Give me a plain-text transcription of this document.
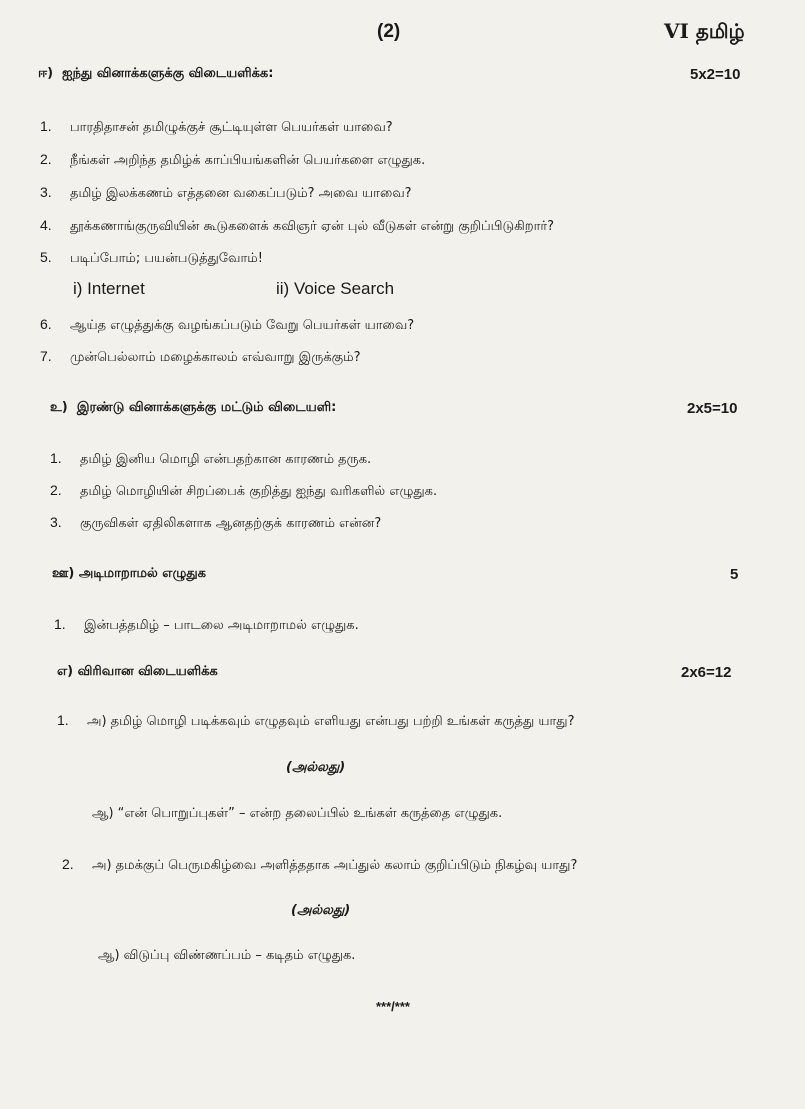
(2)	VI தமிழ்
ஈ) ஐந்து வினாக்களுக்கு விடையளிக்க:	5x2=10
1. பாரதிதாசன் தமிழுக்குச் சூட்டியுள்ள பெயர்கள் யாவை?
2. நீங்கள் அறிந்த தமிழ்க் காப்பியங்களின் பெயர்களை எழுதுக.
3. தமிழ் இலக்கணம் எத்தனை வகைப்படும்? அவை யாவை?
4. தூக்கணாங்குருவியின் கூடுகளைக் கவிஞர் ஏன் புல் வீடுகள் என்று குறிப்பிடுகிறார்?
5. படிப்போம்; பயன்படுத்துவோம்!
i) Internet	ii) Voice Search
6. ஆய்த எழுத்துக்கு வழங்கப்படும் வேறு பெயர்கள் யாவை?
7. முன்பெல்லாம் மழைக்காலம் எவ்வாறு இருக்கும்?
உ) இரண்டு வினாக்களுக்கு மட்டும் விடையளி:	2x5=10
1. தமிழ் இனிய மொழி என்பதற்கான காரணம் தருக.
2. தமிழ் மொழியின் சிறப்பைக் குறித்து ஐந்து வரிகளில் எழுதுக.
3. குருவிகள் ஏதிலிகளாக ஆனதற்குக் காரணம் என்ன?
ஊ) அடிமாறாமல் எழுதுக	5
1. இன்பத்தமிழ் – பாடலை அடிமாறாமல் எழுதுக.
எ) விரிவான விடையளிக்க	2x6=12
1. அ) தமிழ் மொழி படிக்கவும் எழுதவும் எளியது என்பது பற்றி உங்கள் கருத்து யாது?
(அல்லது)
ஆ) “என் பொறுப்புகள்” – என்ற தலைப்பில் உங்கள் கருத்தை எழுதுக.
2. அ) தமக்குப் பெருமகிழ்வை அளித்ததாக அப்துல் கலாம் குறிப்பிடும் நிகழ்வு யாது?
(அல்லது)
ஆ) விடுப்பு விண்ணப்பம் – கடிதம் எழுதுக.
***/***
